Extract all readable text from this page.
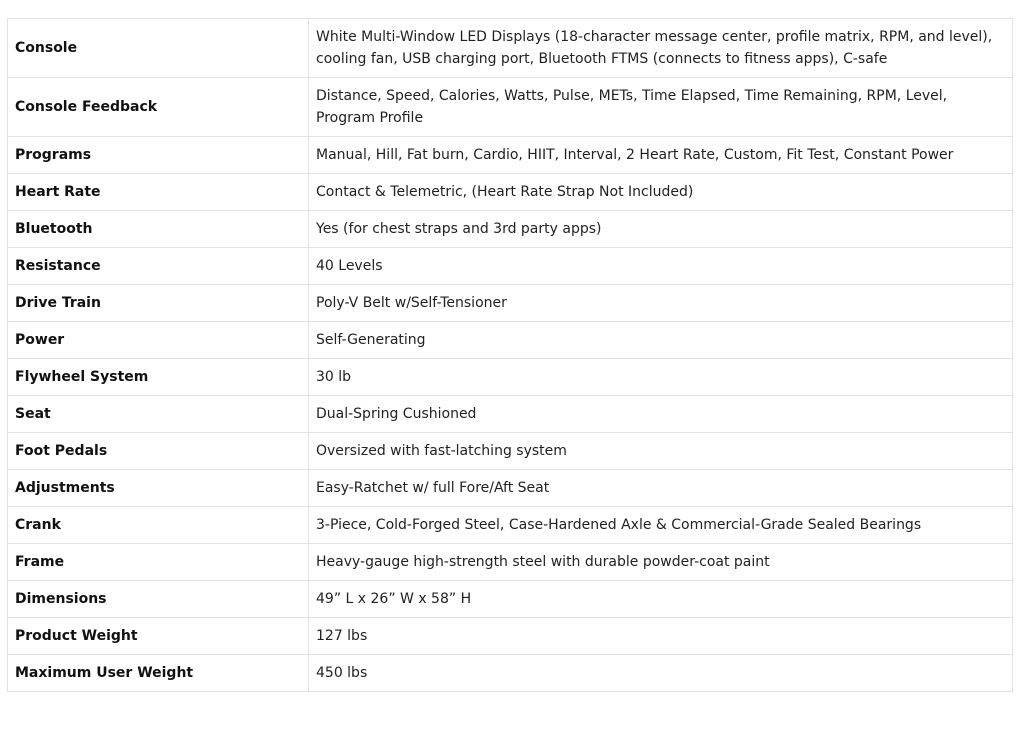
Console	White Multi-Window LED Displays (18-character message center, profile matrix, RPM, and level), cooling fan, USB charging port, Bluetooth FTMS (connects to fitness apps), C-safe
Console Feedback	Distance, Speed, Calories, Watts, Pulse, METs, Time Elapsed, Time Remaining, RPM, Level, Program Profile
Programs	Manual, Hill, Fat burn, Cardio, HIIT, Interval, 2 Heart Rate, Custom, Fit Test, Constant Power
Heart Rate	Contact & Telemetric, (Heart Rate Strap Not Included)
Bluetooth	Yes (for chest straps and 3rd party apps)
Resistance	40 Levels
Drive Train	Poly-V Belt w/Self-Tensioner
Power	Self-Generating
Flywheel System	30 lb
Seat	Dual-Spring Cushioned
Foot Pedals	Oversized with fast-latching system
Adjustments	Easy-Ratchet w/ full Fore/Aft Seat
Crank	3-Piece, Cold-Forged Steel, Case-Hardened Axle & Commercial-Grade Sealed Bearings
Frame	Heavy-gauge high-strength steel with durable powder-coat paint
Dimensions	49” L x 26” W x 58” H
Product Weight	127 lbs
Maximum User Weight	450 lbs
